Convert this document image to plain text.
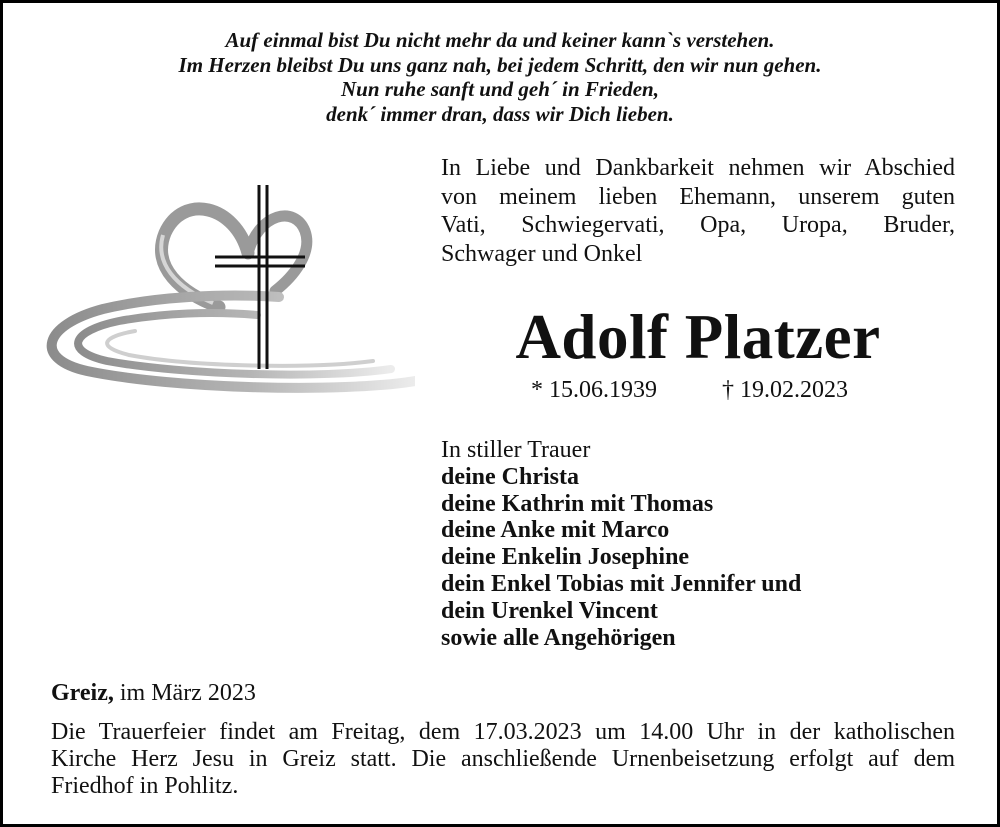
Auf einmal bist Du nicht mehr da und keiner kann`s verstehen.
Im Herzen bleibst Du uns ganz nah, bei jedem Schritt, den wir nun gehen.
Nun ruhe sanft und geh´ in Frieden,
denk´ immer dran, dass wir Dich lieben.
In Liebe und Dankbarkeit nehmen wir Abschied
von meinem lieben Ehemann, unserem guten
Vati, Schwiegervati, Opa, Uropa, Bruder,
Schwager und Onkel
Adolf Platzer
* 15.06.1939	† 19.02.2023
In stiller Trauer
deine Christa
deine Kathrin mit Thomas
deine Anke mit Marco
deine Enkelin Josephine
dein Enkel Tobias mit Jennifer und
dein Urenkel Vincent
sowie alle Angehörigen
Greiz, im März 2023
Die Trauerfeier findet am Freitag, dem 17.03.2023 um 14.00 Uhr in der katholischen
Kirche Herz Jesu in Greiz statt. Die anschließende Urnenbeisetzung erfolgt auf dem
Friedhof in Pohlitz.
